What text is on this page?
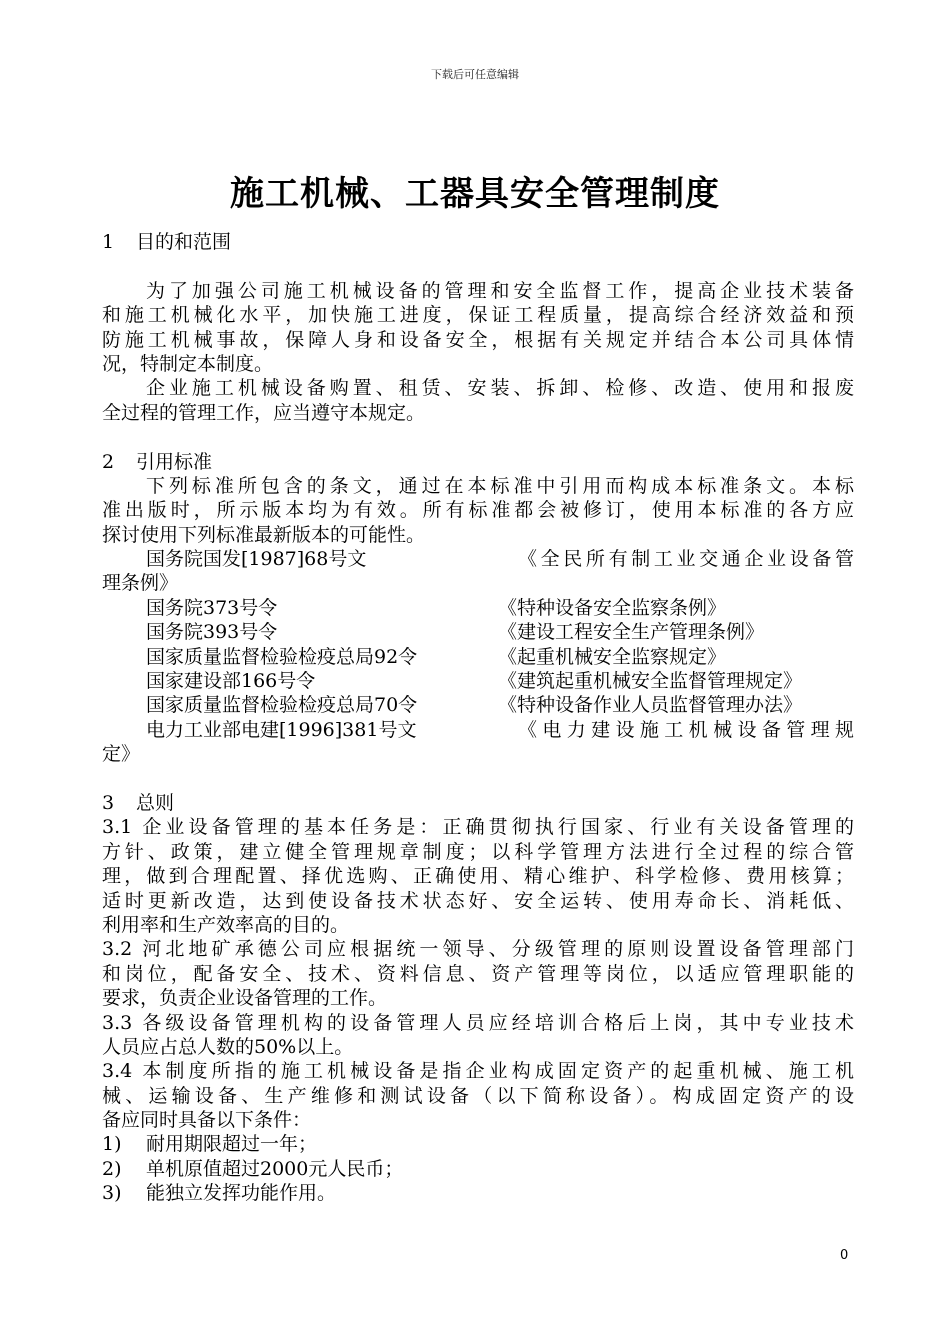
下载后可任意编辑
施工机械、工器具安全管理制度
1 目的和范围
为了加强公司施工机械设备的管理和安全监督工作，提高企业技术装备
和施工机械化水平，加快施工进度，保证工程质量，提高综合经济效益和预
防施工机械事故，保障人身和设备安全，根据有关规定并结合本公司具体情
况，特制定本制度。
企业施工机械设备购置、租赁、安装、拆卸、检修、改造、使用和报废
全过程的管理工作，应当遵守本规定。
2 引用标准
下列标准所包含的条文，通过在本标准中引用而构成本标准条文。本标
准出版时，所示版本均为有效。所有标准都会被修订，使用本标准的各方应
探讨使用下列标准最新版本的可能性。
国务院国发[1987]68号文	《全民所有制工业交通企业设备管
理条例》
国务院373号令	《特种设备安全监察条例》
国务院393号令	《建设工程安全生产管理条例》
国家质量监督检验检疫总局92令	《起重机械安全监察规定》
国家建设部166号令	《建筑起重机械安全监督管理规定》
国家质量监督检验检疫总局70令	《特种设备作业人员监督管理办法》
电力工业部电建[1996]381号文	《电力建设施工机械设备管理规
定》
3 总则
3.1 企业设备管理的基本任务是：正确贯彻执行国家、行业有关设备管理的
方针、政策，建立健全管理规章制度；以科学管理方法进行全过程的综合管
理，做到合理配置、择优选购、正确使用、精心维护、科学检修、费用核算；
适时更新改造，达到使设备技术状态好、安全运转、使用寿命长、消耗低、
利用率和生产效率高的目的。
3.2 河北地矿承德公司应根据统一领导、分级管理的原则设置设备管理部门
和岗位，配备安全、技术、资料信息、资产管理等岗位，以适应管理职能的
要求，负责企业设备管理的工作。
3.3 各级设备管理机构的设备管理人员应经培训合格后上岗，其中专业技术
人员应占总人数的50%以上。
3.4 本制度所指的施工机械设备是指企业构成固定资产的起重机械、施工机
械、运输设备、生产维修和测试设备（以下简称设备）。构成固定资产的设
备应同时具备以下条件：
1) 耐用期限超过一年；
2) 单机原值超过2000元人民币；
3) 能独立发挥功能作用。
0
